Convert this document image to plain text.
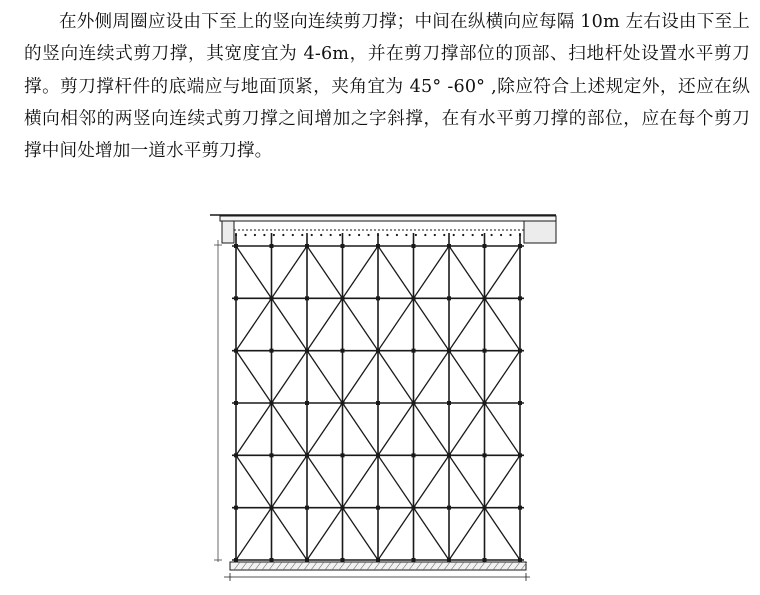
在外侧周圈应设由下至上的竖向连续剪刀撑；中间在纵横向应每隔 10m 左右设由下至上的竖向连续式剪刀撑，其宽度宜为 4-6m，并在剪刀撑部位的顶部、扫地杆处设置水平剪刀撑。剪刀撑杆件的底端应与地面顶紧，夹角宜为 45° -60° ,除应符合上述规定外，还应在纵横向相邻的两竖向连续式剪刀撑之间增加之字斜撑，在有水平剪刀撑的部位，应在每个剪刀撑中间处增加一道水平剪刀撑。
